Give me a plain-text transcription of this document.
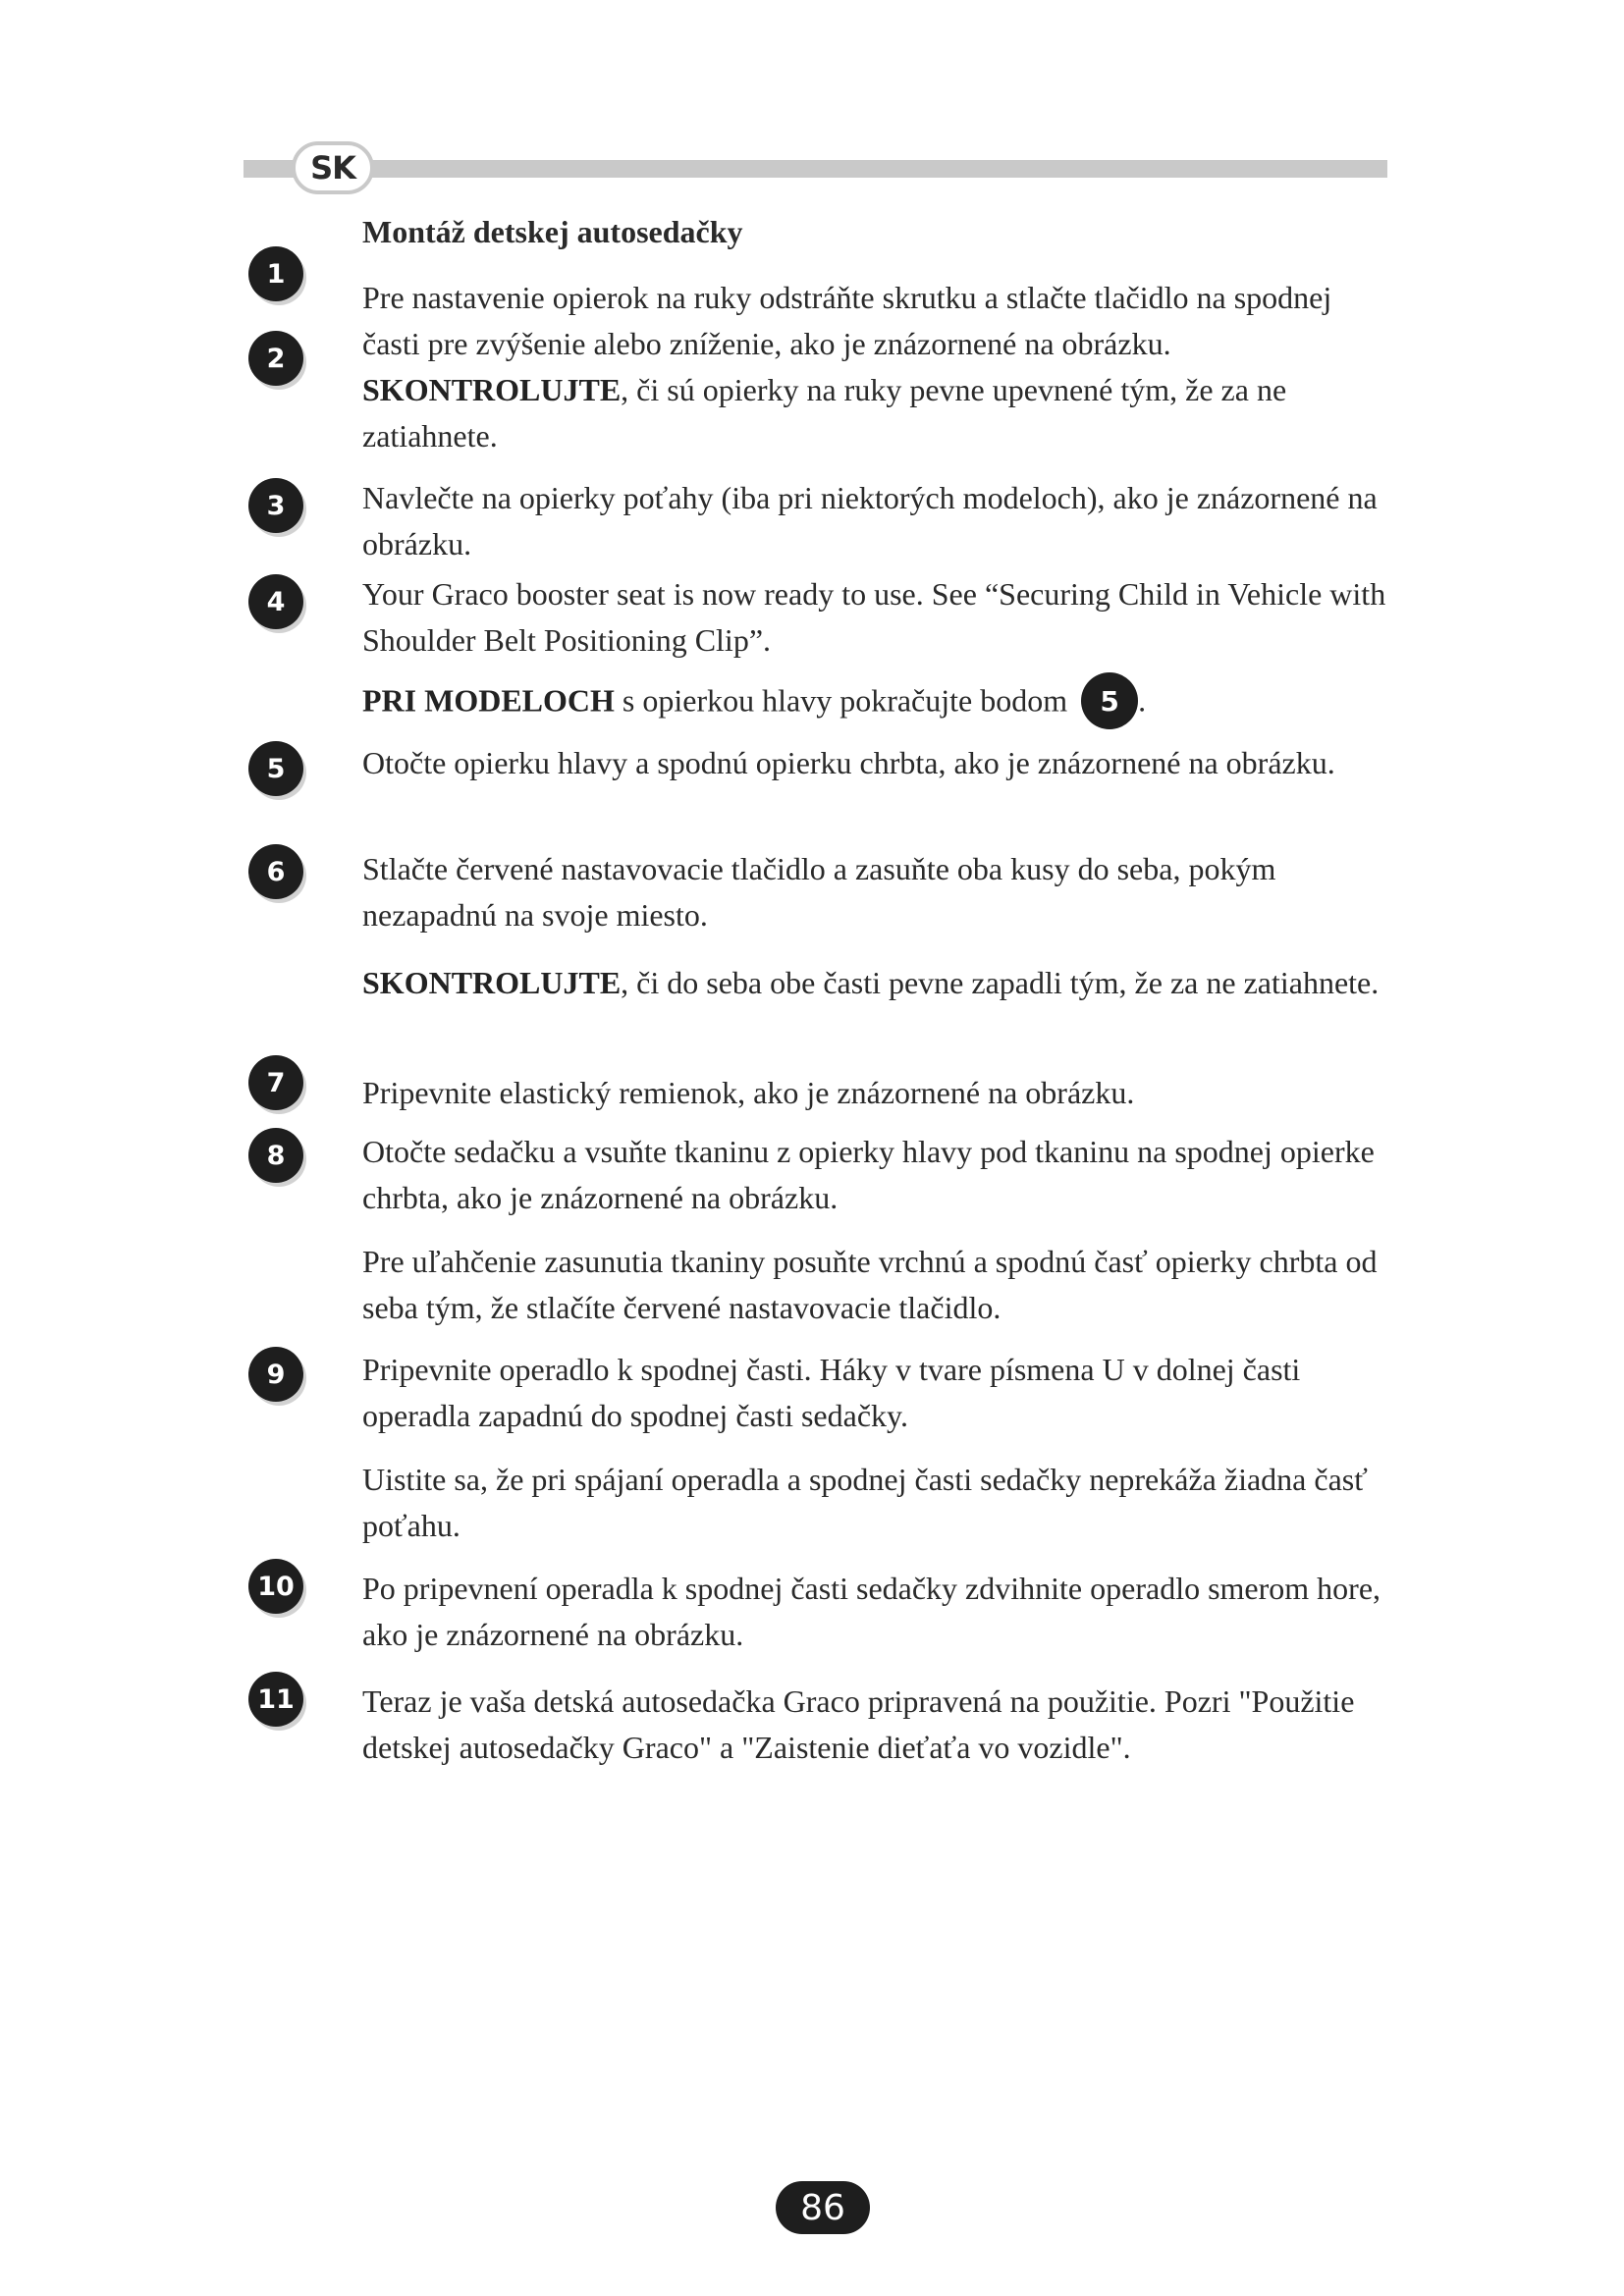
SK
Montáž detskej autosedačky
1
2
3
4
5
6
7
8
9
10
11

Pre nastavenie opierok na ruky odstráňte skrutku a stlačte tlačidlo na spodnej časti pre zvýšenie alebo zníženie, ako je znázornené na obrázku.
SKONTROLUJTE, či sú opierky na ruky pevne upevnené tým, že za ne zatiahnete.

Navlečte na opierky poťahy (iba pri niektorých modeloch), ako je znázornené na obrázku.

Your Graco booster seat is now ready to use. See “Securing Child in Vehicle with Shoulder Belt Positioning Clip”.

PRI MODELOCH s opierkou hlavy pokračujte bodom 5 .

Otočte opierku hlavy a spodnú opierku chrbta, ako je znázornené na obrázku.

Stlačte červené nastavovacie tlačidlo a zasuňte oba kusy do seba, pokým nezapadnú na svoje miesto.

SKONTROLUJTE, či do seba obe časti pevne zapadli tým, že za ne zatiahnete.

Pripevnite elastický remienok, ako je znázornené na obrázku.

Otočte sedačku a vsuňte tkaninu z opierky hlavy pod tkaninu na spodnej opierke chrbta, ako je znázornené na obrázku.

Pre uľahčenie zasunutia tkaniny posuňte vrchnú a spodnú časť opierky chrbta od seba tým, že stlačíte červené nastavovacie tlačidlo.

Pripevnite operadlo k spodnej časti. Háky v tvare písmena U v dolnej časti operadla zapadnú do spodnej časti sedačky.

Uistite sa, že pri spájaní operadla a spodnej časti sedačky neprekáža žiadna časť poťahu.

Po pripevnení operadla k spodnej časti sedačky zdvihnite operadlo smerom hore, ako je znázornené na obrázku.

Teraz je vaša detská autosedačka Graco pripravená na použitie. Pozri "Použitie detskej autosedačky Graco" a "Zaistenie dieťaťa vo vozidle".

86
